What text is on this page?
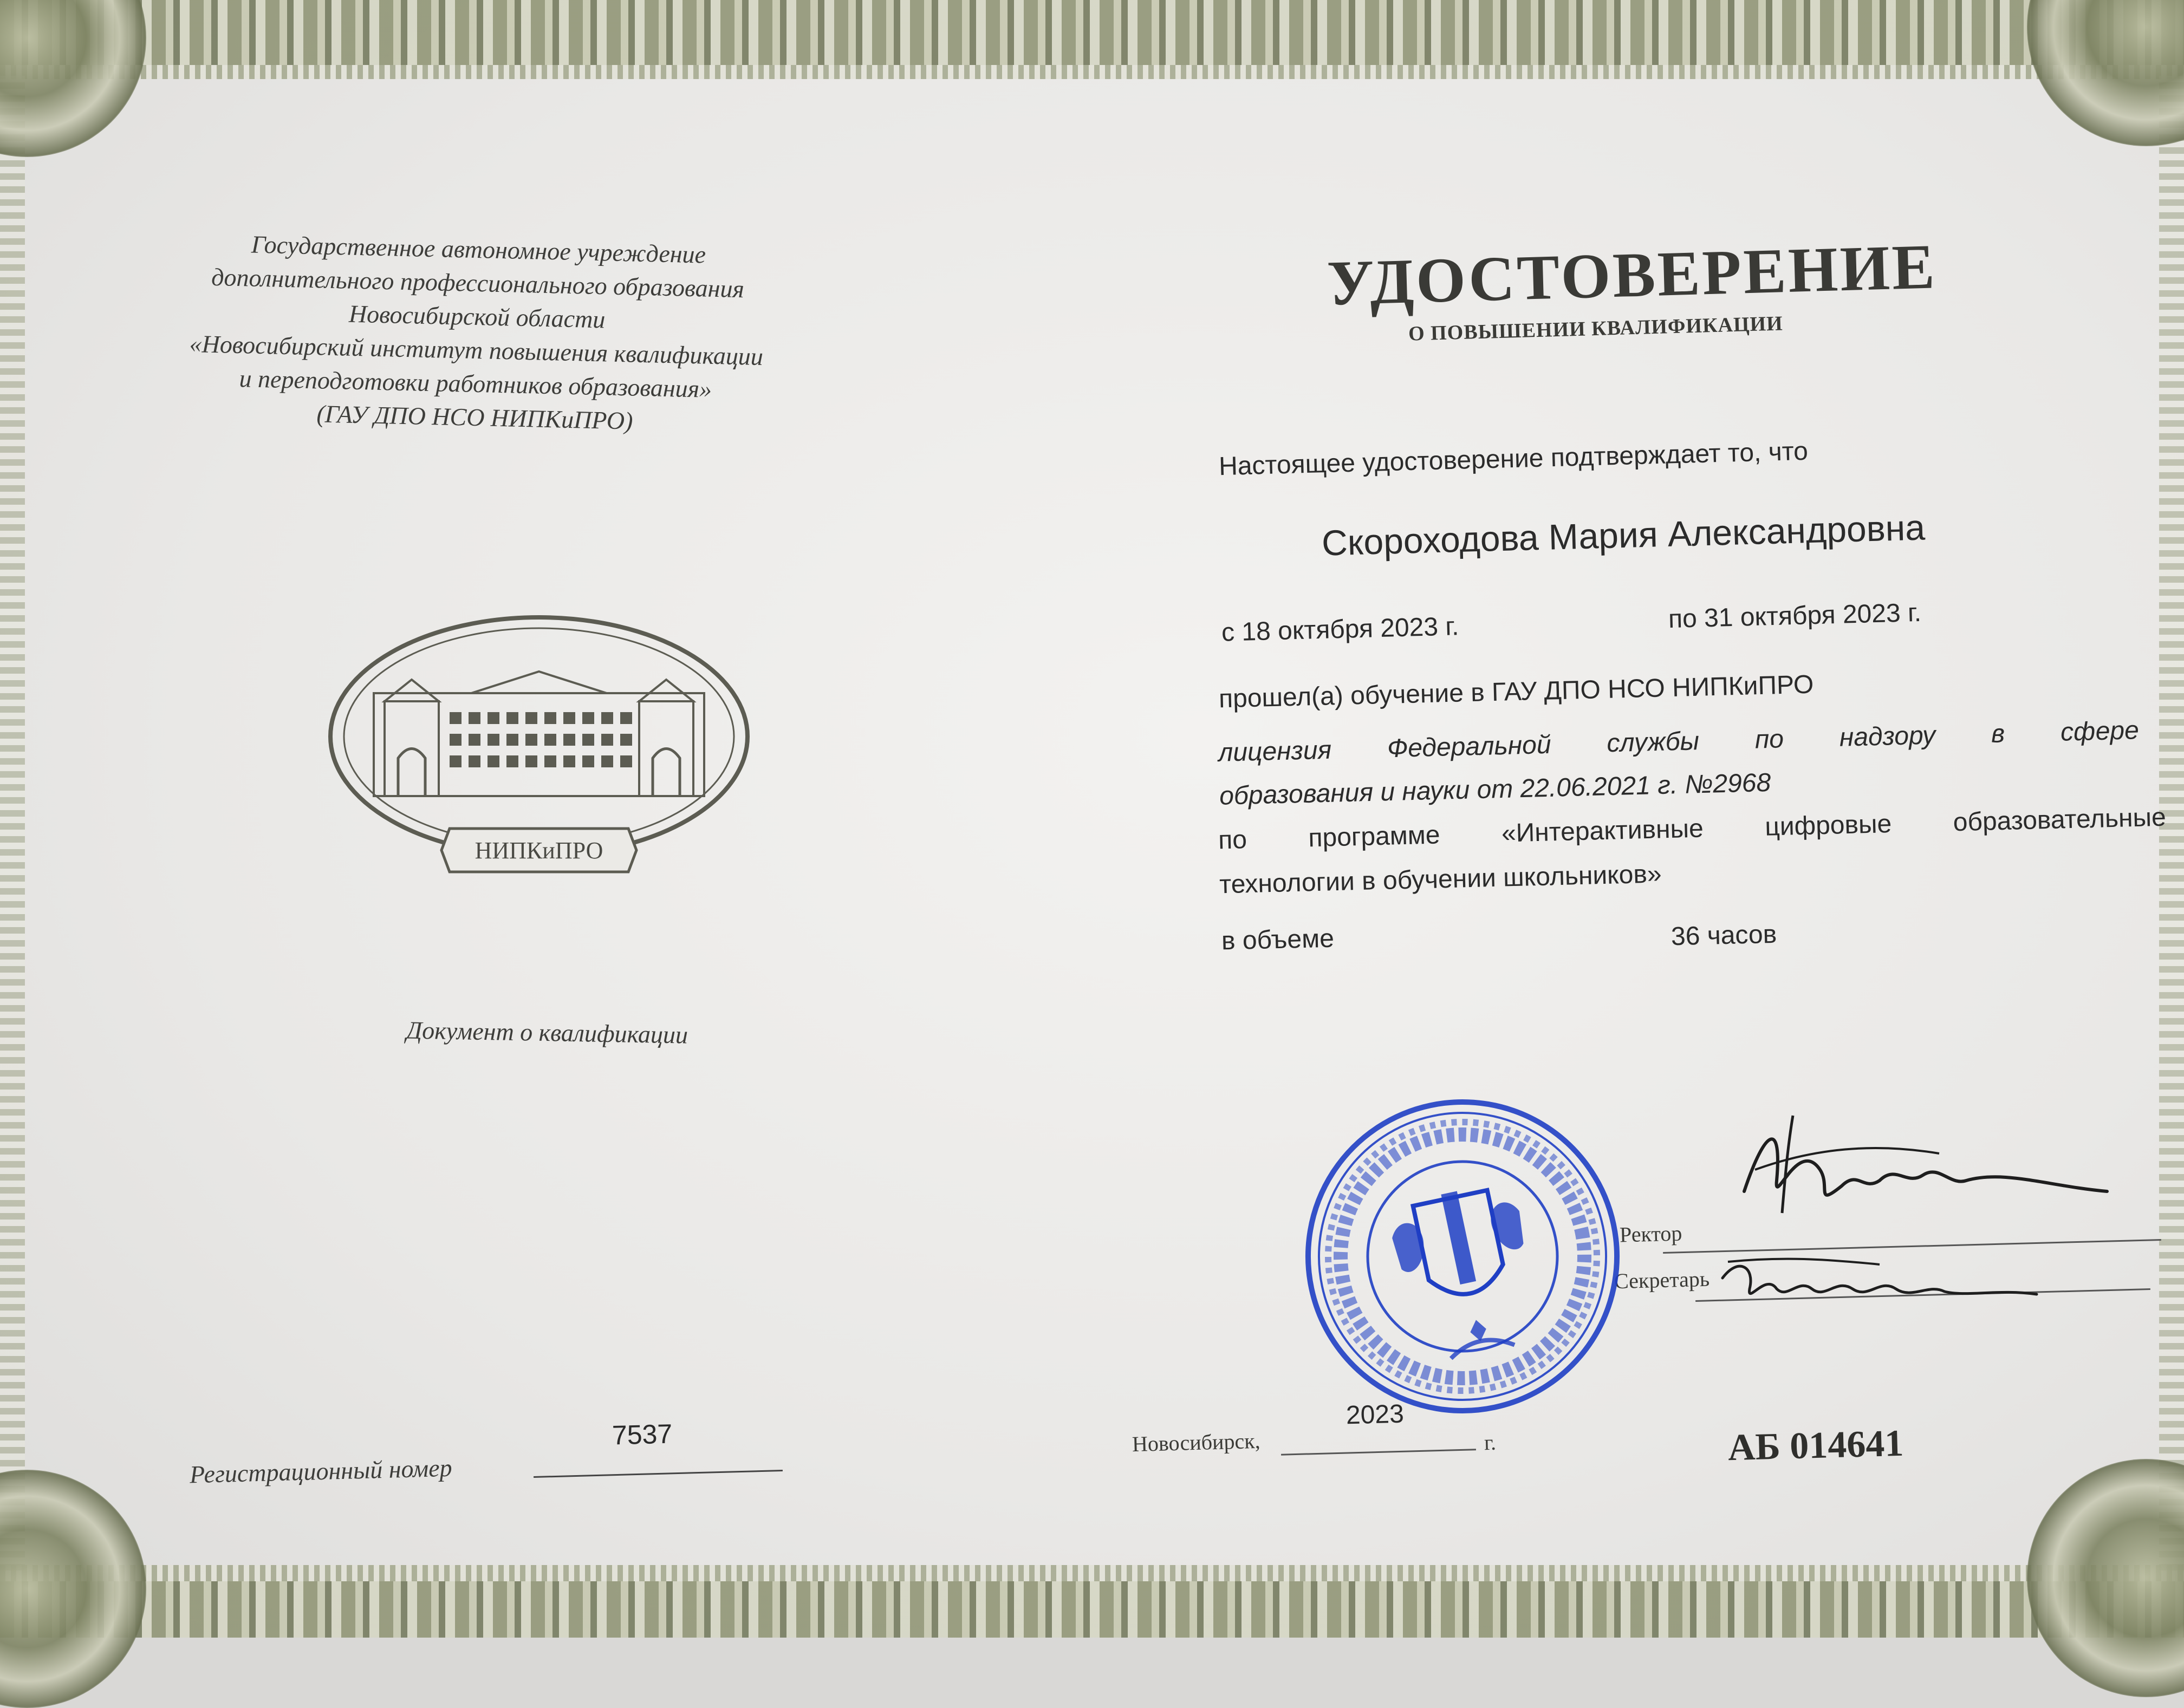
Государственное автономное учреждение
дополнительного профессионального образования
Новосибирской области
«Новосибирский институт повышения квалификации
и переподготовки работников образования»
(ГАУ ДПО НСО НИПКиПРО)
НИПКиПРО
Документ о квалификации
Регистрационный номер
7537
УДОСТОВЕРЕНИЕ
О ПОВЫШЕНИИ КВАЛИФИКАЦИИ
Настоящее удостоверение подтверждает то, что
Скороходова Мария Александровна
с 18 октября 2023 г.	по 31 октября 2023 г.
прошел(а) обучение в ГАУ ДПО НСО НИПКиПРО
лицензия Федеральной службы по надзору в сфере
образования и науки от 22.06.2021 г. №2968
по программе «Интерактивные цифровые образовательные
технологии в обучении школьников»
в объеме	36 часов
Ректор
Секретарь
2023
Новосибирск,	г.	АБ 014641
